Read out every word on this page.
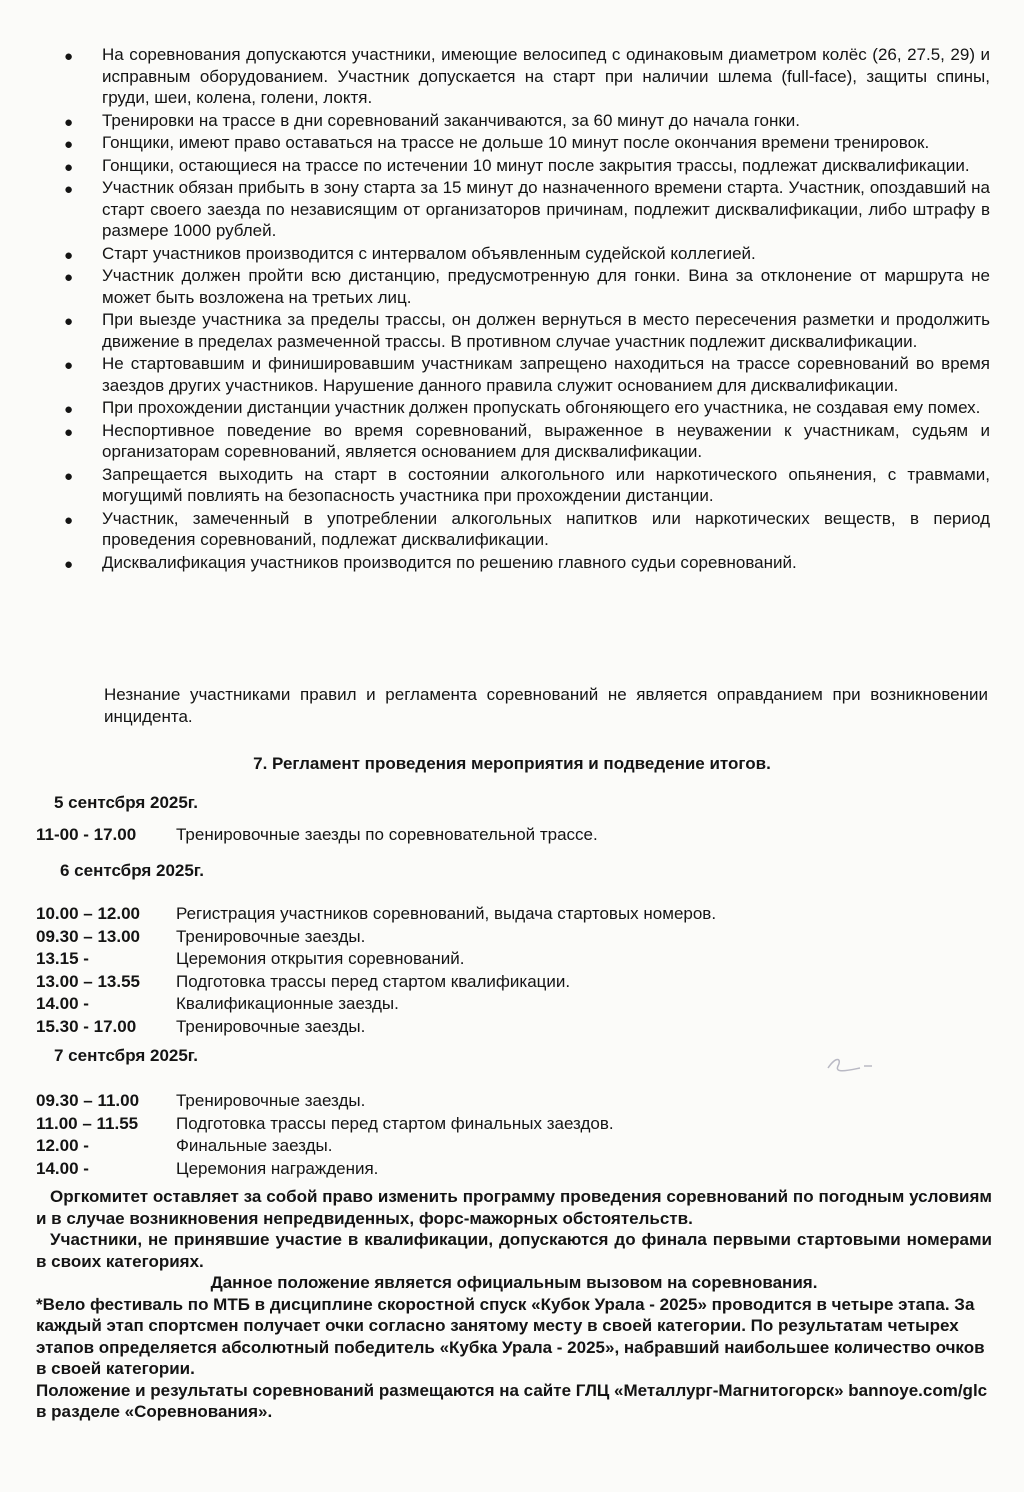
● На соревнования допускаются участники, имеющие велосипед с одинаковым диаметром колёс (26, 27.5, 29) и исправным оборудованием. Участник допускается на старт при наличии шлема (full-face), защиты спины, груди, шеи, колена, голени, локтя.
● Тренировки на трассе в дни соревнований заканчиваются, за 60 минут до начала гонки.
● Гонщики, имеют право оставаться на трассе не дольше 10 минут после окончания времени тренировок.
● Гонщики, остающиеся на трассе по истечении 10 минут после закрытия трассы, подлежат дисквалификации.
● Участник обязан прибыть в зону старта за 15 минут до назначенного времени старта. Участник, опоздавший на старт своего заезда по независящим от организаторов причинам, подлежит дисквалификации, либо штрафу в размере 1000 рублей.
● Старт участников производится с интервалом объявленным судейской коллегией.
● Участник должен пройти всю дистанцию, предусмотренную для гонки. Вина за отклонение от маршрута не может быть возложена на третьих лиц.
● При выезде участника за пределы трассы, он должен вернуться в место пересечения разметки и продолжить движение в пределах размеченной трассы. В противном случае участник подлежит дисквалификации.
● Не стартовавшим и финишировавшим участникам запрещено находиться на трассе соревнований во время заездов других участников. Нарушение данного правила служит основанием для дисквалификации.
● При прохождении дистанции участник должен пропускать обгоняющего его участника, не создавая ему помех.
● Неспортивное поведение во время соревнований, выраженное в неуважении к участникам, судьям и организаторам соревнований, является основанием для дисквалификации.
● Запрещается выходить на старт в состоянии алкогольного или наркотического опьянения, с травмами, могущимй повлиять на безопасность участника при прохождении дистанции.
● Участник, замеченный в употреблении алкогольных напитков или наркотических веществ, в период проведения соревнований, подлежат дисквалификации.
● Дисквалификация участников производится по решению главного судьи соревнований.
Незнание участниками правил и регламента соревнований не является оправданием при возникновении инцидента.
7. Регламент проведения мероприятия и подведение итогов.
5 сентсбря 2025г.
11-00 - 17.00	Тренировочные заезды по соревновательной трассе.
6 сентсбря 2025г.
10.00 – 12.00	Регистрация участников соревнований, выдача стартовых номеров.
09.30 – 13.00	Тренировочные заезды.
13.15 -	Церемония открытия соревнований.
13.00 – 13.55	Подготовка трассы перед стартом квалификации.
14.00 -	Квалификационные заезды.
15.30 - 17.00	Тренировочные заезды.
7 сентсбря 2025г.
09.30 – 11.00	Тренировочные заезды.
11.00 – 11.55	Подготовка трассы перед стартом финальных заездов.
12.00 -	Финальные заезды.
14.00 -	Церемония награждения.

Оргкомитет оставляет за собой право изменить программу проведения соревнований по погодным условиям и в случае возникновения непредвиденных, форс-мажорных обстоятельств.

Участники, не принявшие участие в квалификации, допускаются до финала первыми стартовыми номерами в своих категориях.

Данное положение является официальным вызовом на соревнования.

*Вело фестиваль по МТБ в дисциплине скоростной спуск «Кубок Урала - 2025» проводится в четыре этапа. За каждый этап спортсмен получает очки согласно занятому месту в своей категории. По результатам четырех этапов определяется абсолютный победитель «Кубка Урала - 2025», набравший наибольшее количество очков в своей категории.

Положение и результаты соревнований размещаются на сайте ГЛЦ «Металлург-Магнитогорск» bannoye.com/glc в разделе «Соревнования».
